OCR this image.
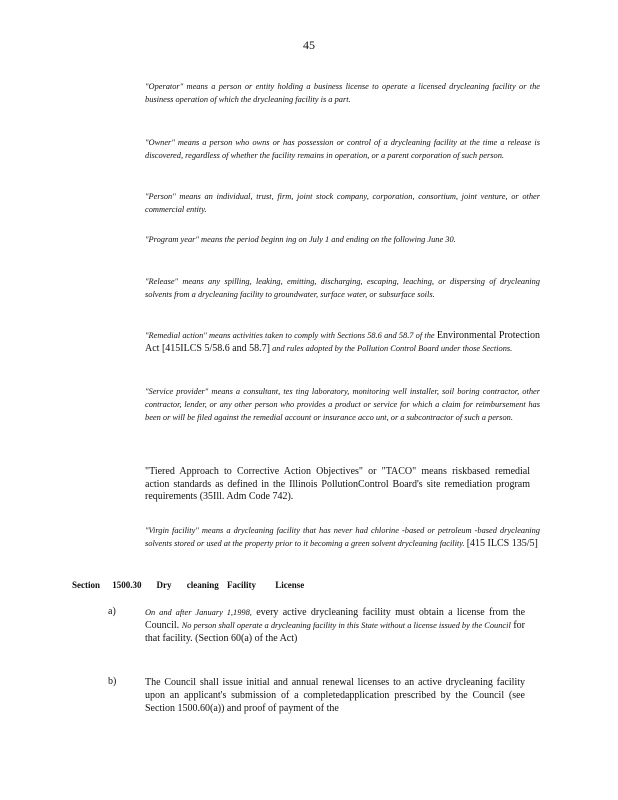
45
"Operator" means a person or entity holding a business license to operate a licensed drycleaning facility or the business operation of which the drycleaning facility is a part.
"Owner" means a person who owns or has possession or control of a drycleaning facility at the time a release is discovered, regardless of whether the facility remains in operation, or a parent corporation of such person.
"Person" means an individual, trust, firm, joint stock company, corporation, consortium, joint venture, or other commercial entity.
"Program year" means the period beginn ing on July 1 and ending on the following June 30.
"Release" means any spilling, leaking, emitting, discharging, escaping, leaching, or dispersing of drycleaning solvents from a drycleaning facility to groundwater, surface water, or subsurface soils.
"Remedial action" means activities taken to comply with Sections 58.6 and 58.7 of the Environmental Protection Act [415ILCS 5/58.6 and 58.7] and rules adopted by the Pollution Control Board under those Sections.
"Service provider" means a consultant, tes ting laboratory, monitoring well installer, soil boring contractor, other contractor, lender, or any other person who provides a product or service for which a claim for reimbursement has been or will be filed against the remedial account or insurance acco unt, or a subcontractor of such a person.
"Tiered Approach to Corrective Action Objectives" or "TACO" means riskbased remedial action standards as defined in the Illinois PollutionControl Board's site remediation program requirements (35Ill. Adm Code 742).
"Virgin facility" means a drycleaning facility that has never had chlorine -based or petroleum -based drycleaning solvents stored or used at the property prior to it becoming a green solvent drycleaning facility. [415 ILCS 135/5]
Section 1500.30 Dry cleaning Facility License
a)	On and after January 1,1998, every active drycleaning facility must obtain a license from the Council. No person shall operate a drycleaning facility in this State without a license issued by the Council for that facility. (Section 60(a) of the Act)
b)	The Council shall issue initial and annual renewal licenses to an active drycleaning facility upon an applicant's submission of a completedapplication prescribed by the Council (see Section 1500.60(a)) and proof of payment of the
